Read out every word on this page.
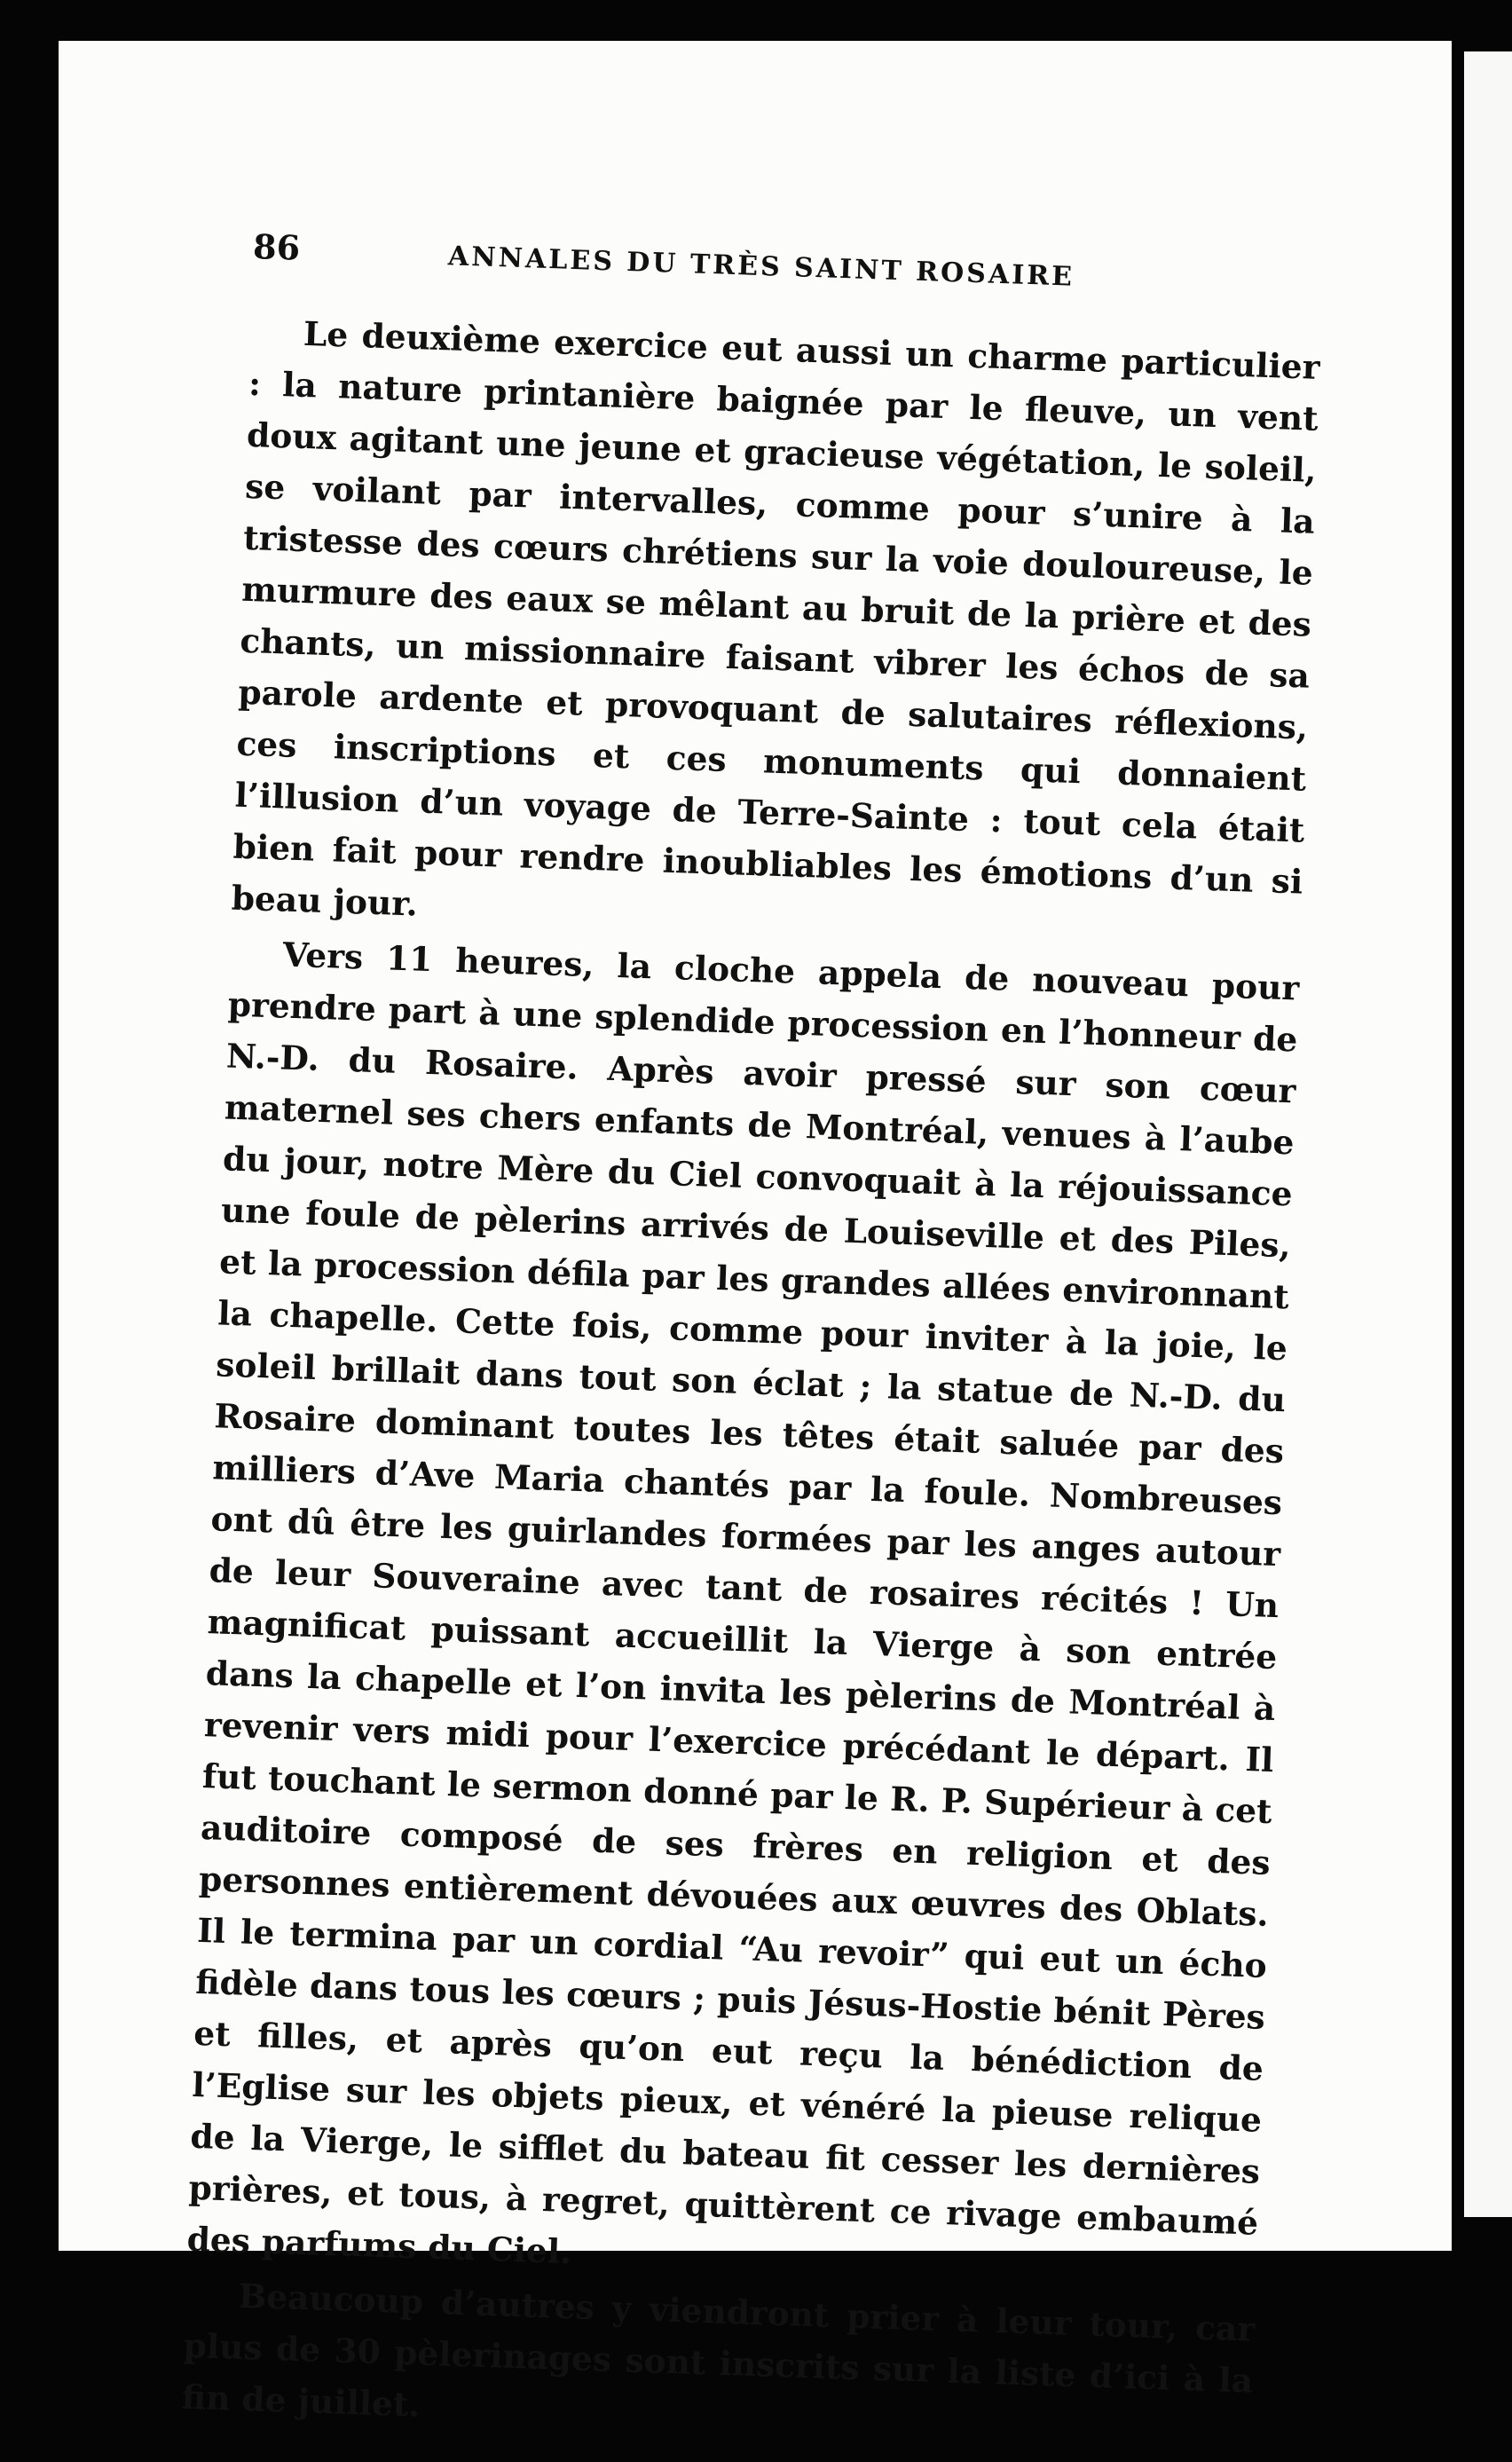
86	ANNALES DU TRÈS SAINT ROSAIRE

Le deuxième exercice eut aussi un charme particulier : la nature printanière baignée par le fleuve, un vent doux agitant une jeune et gracieuse végétation, le soleil, se voilant par intervalles, comme pour s’unire à la tristesse des cœurs chrétiens sur la voie douloureuse, le murmure des eaux se mêlant au bruit de la prière et des chants, un missionnaire faisant vibrer les échos de sa parole ardente et provoquant de salutaires réflexions, ces inscriptions et ces monuments qui donnaient l’illusion d’un voyage de Terre-Sainte : tout cela était bien fait pour rendre inoubliables les émotions d’un si beau jour.

Vers 11 heures, la cloche appela de nouveau pour prendre part à une splendide procession en l’honneur de N.-D. du Rosaire. Après avoir pressé sur son cœur maternel ses chers enfants de Montréal, venues à l’aube du jour, notre Mère du Ciel convoquait à la réjouissance une foule de pèlerins arrivés de Louiseville et des Piles, et la procession défila par les grandes allées environnant la chapelle. Cette fois, comme pour inviter à la joie, le soleil brillait dans tout son éclat ; la statue de N.-D. du Rosaire dominant toutes les têtes était saluée par des milliers d’Ave Maria chantés par la foule. Nombreuses ont dû être les guirlandes formées par les anges autour de leur Souveraine avec tant de rosaires récités ! Un magnificat puissant accueillit la Vierge à son entrée dans la chapelle et l’on invita les pèlerins de Montréal à revenir vers midi pour l’exercice précédant le départ. Il fut touchant le sermon donné par le R. P. Supérieur à cet auditoire composé de ses frères en religion et des personnes entièrement dévouées aux œuvres des Oblats. Il le termina par un cordial “Au revoir” qui eut un écho fidèle dans tous les cœurs ; puis Jésus-Hostie bénit Pères et filles, et après qu’on eut reçu la bénédiction de l’Eglise sur les objets pieux, et vénéré la pieuse relique de la Vierge, le sifflet du bateau fit cesser les dernières prières, et tous, à regret, quittèrent ce rivage embaumé des parfums du Ciel.

Beaucoup d’autres y viendront prier à leur tour, car plus de 30 pèlerinages sont inscrits sur la liste d’ici à la fin de juillet.
